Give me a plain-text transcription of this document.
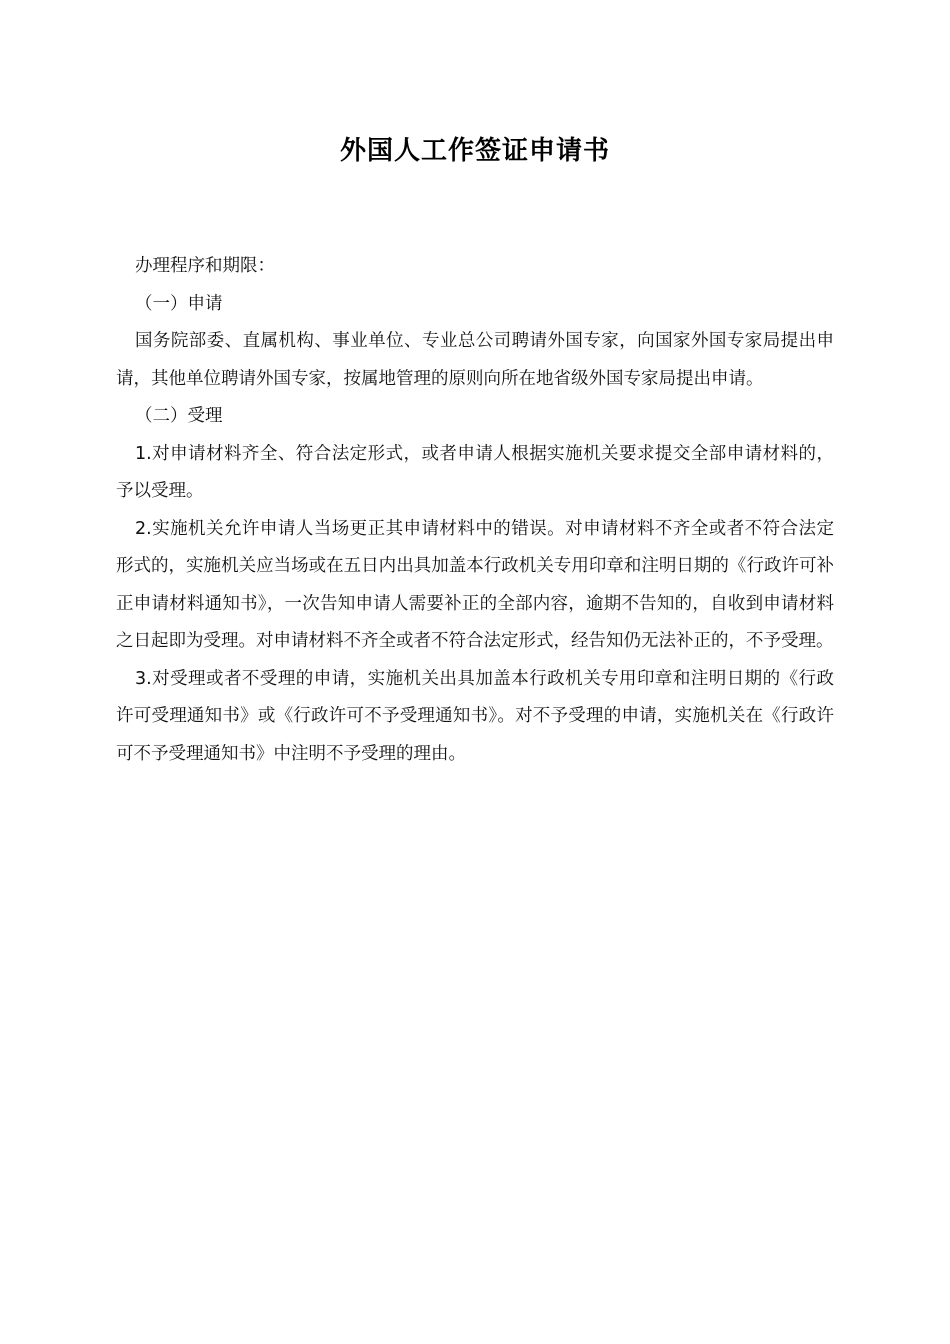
外国人工作签证申请书

办理程序和期限：

（一）申请

国务院部委、直属机构、事业单位、专业总公司聘请外国专家，向国家外国专家局提出申请，其他单位聘请外国专家，按属地管理的原则向所在地省级外国专家局提出申请。

（二）受理

1.对申请材料齐全、符合法定形式，或者申请人根据实施机关要求提交全部申请材料的，予以受理。

2.实施机关允许申请人当场更正其申请材料中的错误。对申请材料不齐全或者不符合法定形式的，实施机关应当场或在五日内出具加盖本行政机关专用印章和注明日期的《行政许可补正申请材料通知书》，一次告知申请人需要补正的全部内容，逾期不告知的，自收到申请材料之日起即为受理。对申请材料不齐全或者不符合法定形式，经告知仍无法补正的，不予受理。

3.对受理或者不受理的申请，实施机关出具加盖本行政机关专用印章和注明日期的《行政许可受理通知书》或《行政许可不予受理通知书》。对不予受理的申请，实施机关在《行政许可不予受理通知书》中注明不予受理的理由。
